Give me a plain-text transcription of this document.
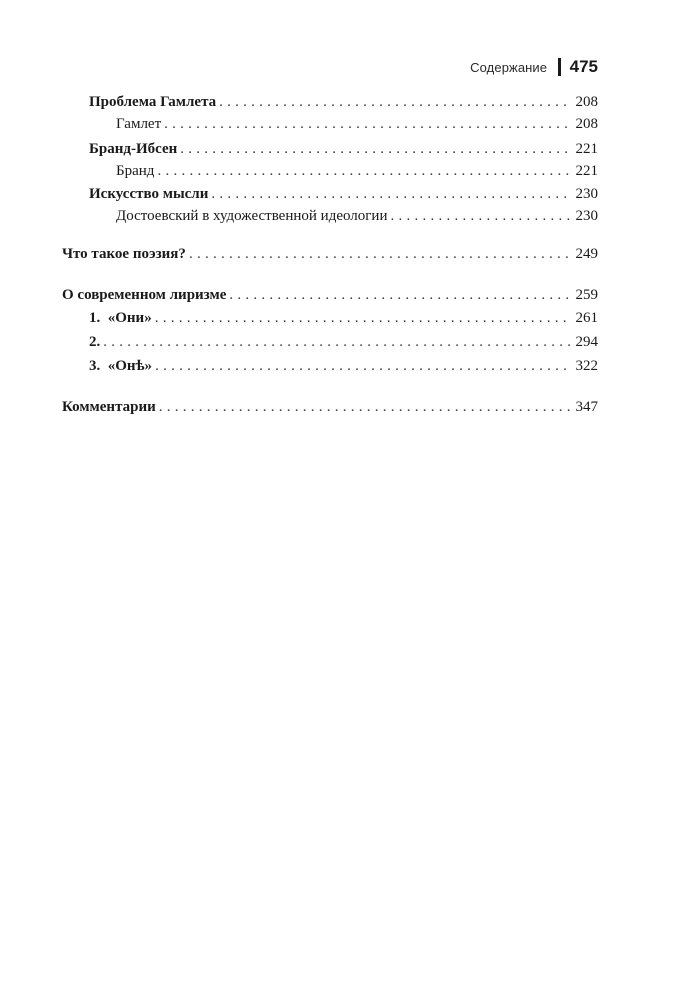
Содержание 475
Проблема Гамлета . . .	208
Гамлет . . .	208
Бранд-Ибсен . . .	221
Бранд . . .	221
Искусство мысли . . .	230
Достоевский в художественной идеологии . . .	230
Что такое поэзия? . . .	249
О современном лиризме . . .	259
1.  «Они» . . .	261
2. . . .	294
3.  «Онѣ» . . .	322
Комментарии . . .	347
